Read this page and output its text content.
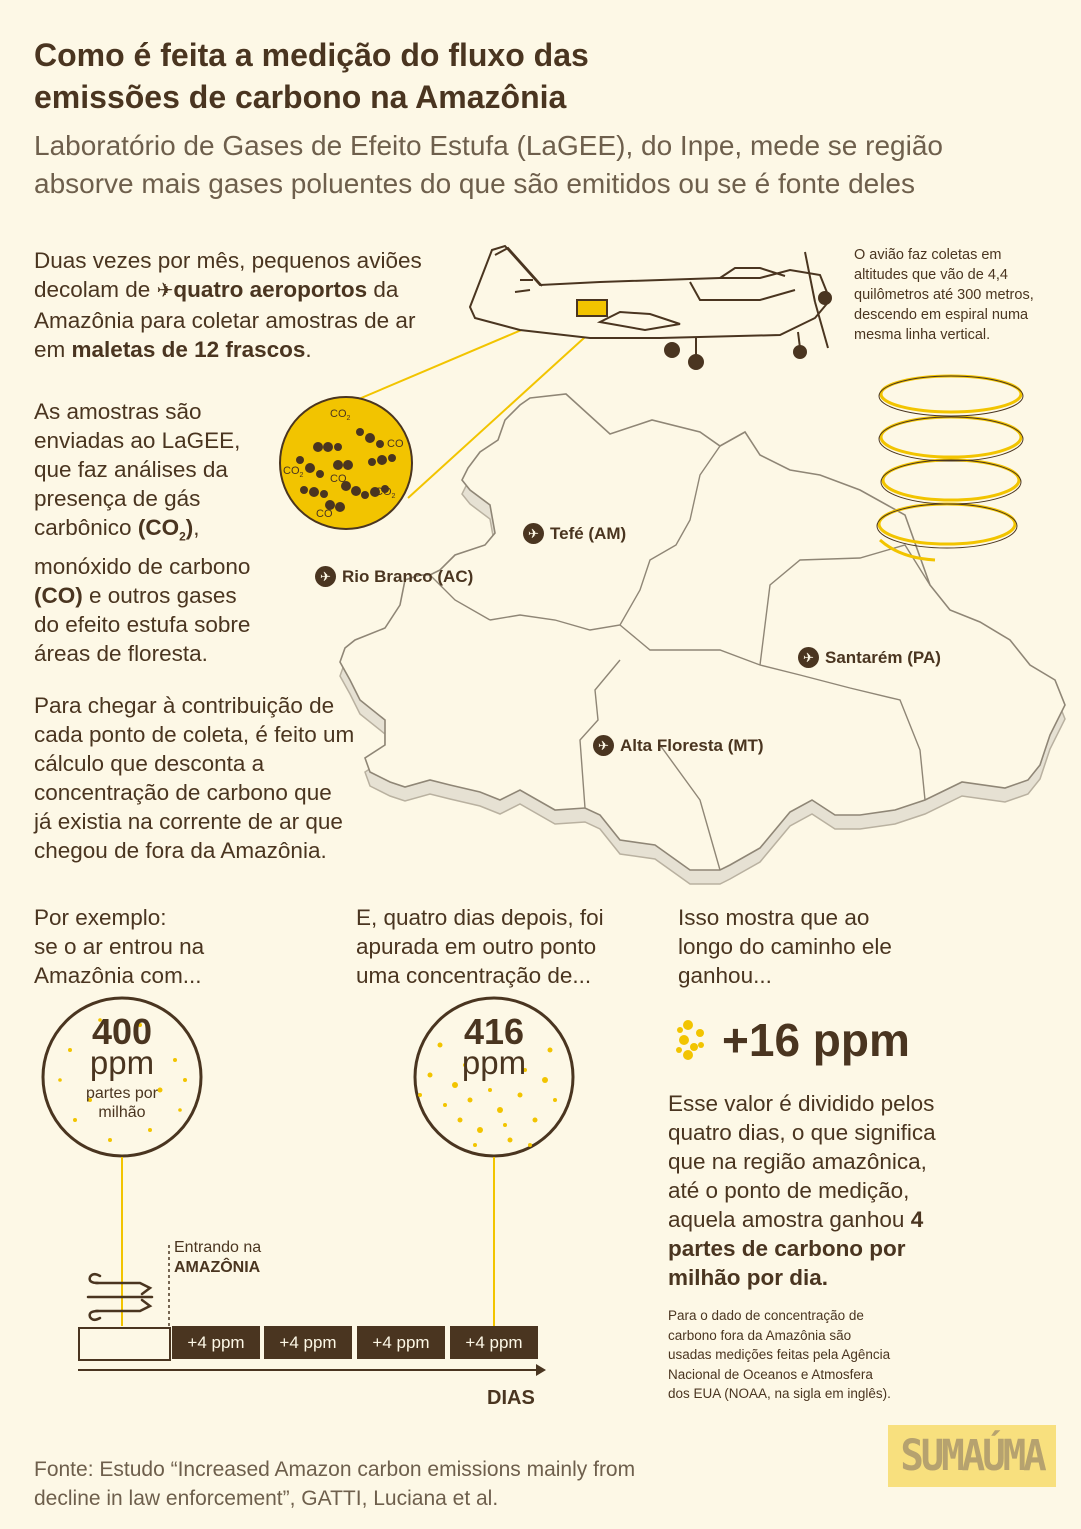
Como é feita a medição do fluxo das
emissões de carbono na Amazônia
Laboratório de Gases de Efeito Estufa (LaGEE), do Inpe, mede se região
absorve mais gases poluentes do que são emitidos ou se é fonte deles
$CO_2$
CO
$CO_2$ CO
$CO_2$
CO
Duas vezes por mês, pequenos aviões
decolam de ✈quatro aeroportos da
Amazônia para coletar amostras de ar
em maletas de 12 frascos.
O avião faz coletas em
altitudes que vão de 4,4
quilômetros até 300 metros,
descendo em espiral numa
mesma linha vertical.
As amostras são
enviadas ao LaGEE,
que faz análises da
presença de gás
carbônico $(CO_2)$,
monóxido de carbono
(CO) e outros gases
do efeito estufa sobre
áreas de floresta.
Para chegar à contribuição de
cada ponto de coleta, é feito um
cálculo que desconta a
concentração de carbono que
já existia na corrente de ar que
chegou de fora da Amazônia.
✈ Tefé (AM)
✈ Rio Branco (AC)
✈ Santarém (PA)
✈ Alta Floresta (MT)
Por exemplo:
se o ar entrou na
Amazônia com...
E, quatro dias depois, foi
apurada em outro ponto
uma concentração de...
Isso mostra que ao
longo do caminho ele
ganhou...
400
ppm
partes por
milhão
416
ppm	+16 ppm
Esse valor é dividido pelos
quatro dias, o que significa
que na região amazônica,
até o ponto de medição,
aquela amostra ganhou 4
partes de carbono por
milhão por dia.
Para o dado de concentração de
carbono fora da Amazônia são
usadas medições feitas pela Agência
Nacional de Oceanos e Atmosfera
dos EUA (NOAA, na sigla em inglês).
Entrando na
AMAZÔNIA
+4 ppm	+4 ppm	+4 ppm	+4 ppm
DIAS
Fonte: Estudo “Increased Amazon carbon emissions mainly from
decline in law enforcement”, GATTI, Luciana et al.
SUMAÚMA
